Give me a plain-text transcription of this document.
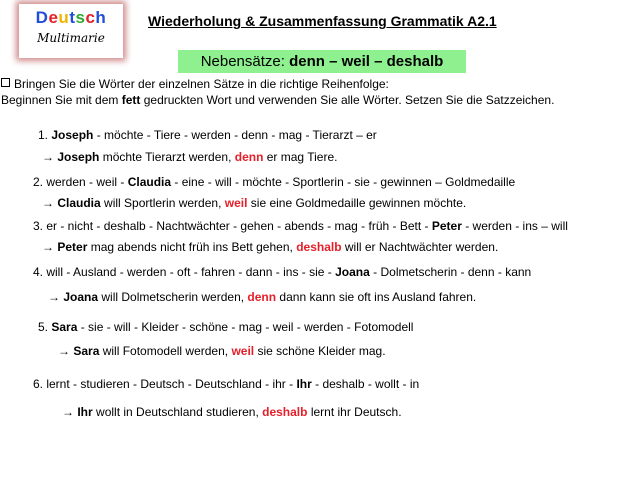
Deutsch
Multimarie
Wiederholung & Zusammenfassung Grammatik A2.1
Nebensätze: denn – weil – deshalb
Bringen Sie die Wörter der einzelnen Sätze in die richtige Reihenfolge:
Beginnen Sie mit dem fett gedruckten Wort und verwenden Sie alle Wörter. Setzen Sie die Satzzeichen.
1. Joseph - möchte - Tiere - werden - denn - mag - Tierarzt – er
→ Joseph möchte Tierarzt werden, denn er mag Tiere.
2. werden - weil - Claudia - eine - will - möchte - Sportlerin - sie - gewinnen – Goldmedaille
→ Claudia will Sportlerin werden, weil sie eine Goldmedaille gewinnen möchte.
3. er - nicht - deshalb - Nachtwächter - gehen - abends - mag - früh - Bett - Peter - werden - ins – will
→ Peter mag abends nicht früh ins Bett gehen, deshalb will er Nachtwächter werden.
4. will - Ausland - werden - oft - fahren - dann - ins - sie - Joana - Dolmetscherin - denn - kann
→ Joana will Dolmetscherin werden, denn dann kann sie oft ins Ausland fahren.
5. Sara - sie - will - Kleider - schöne - mag - weil - werden - Fotomodell
→ Sara will Fotomodell werden, weil sie schöne Kleider mag.
6. lernt - studieren - Deutsch - Deutschland - ihr - Ihr - deshalb - wollt - in
→ Ihr wollt in Deutschland studieren, deshalb lernt ihr Deutsch.
